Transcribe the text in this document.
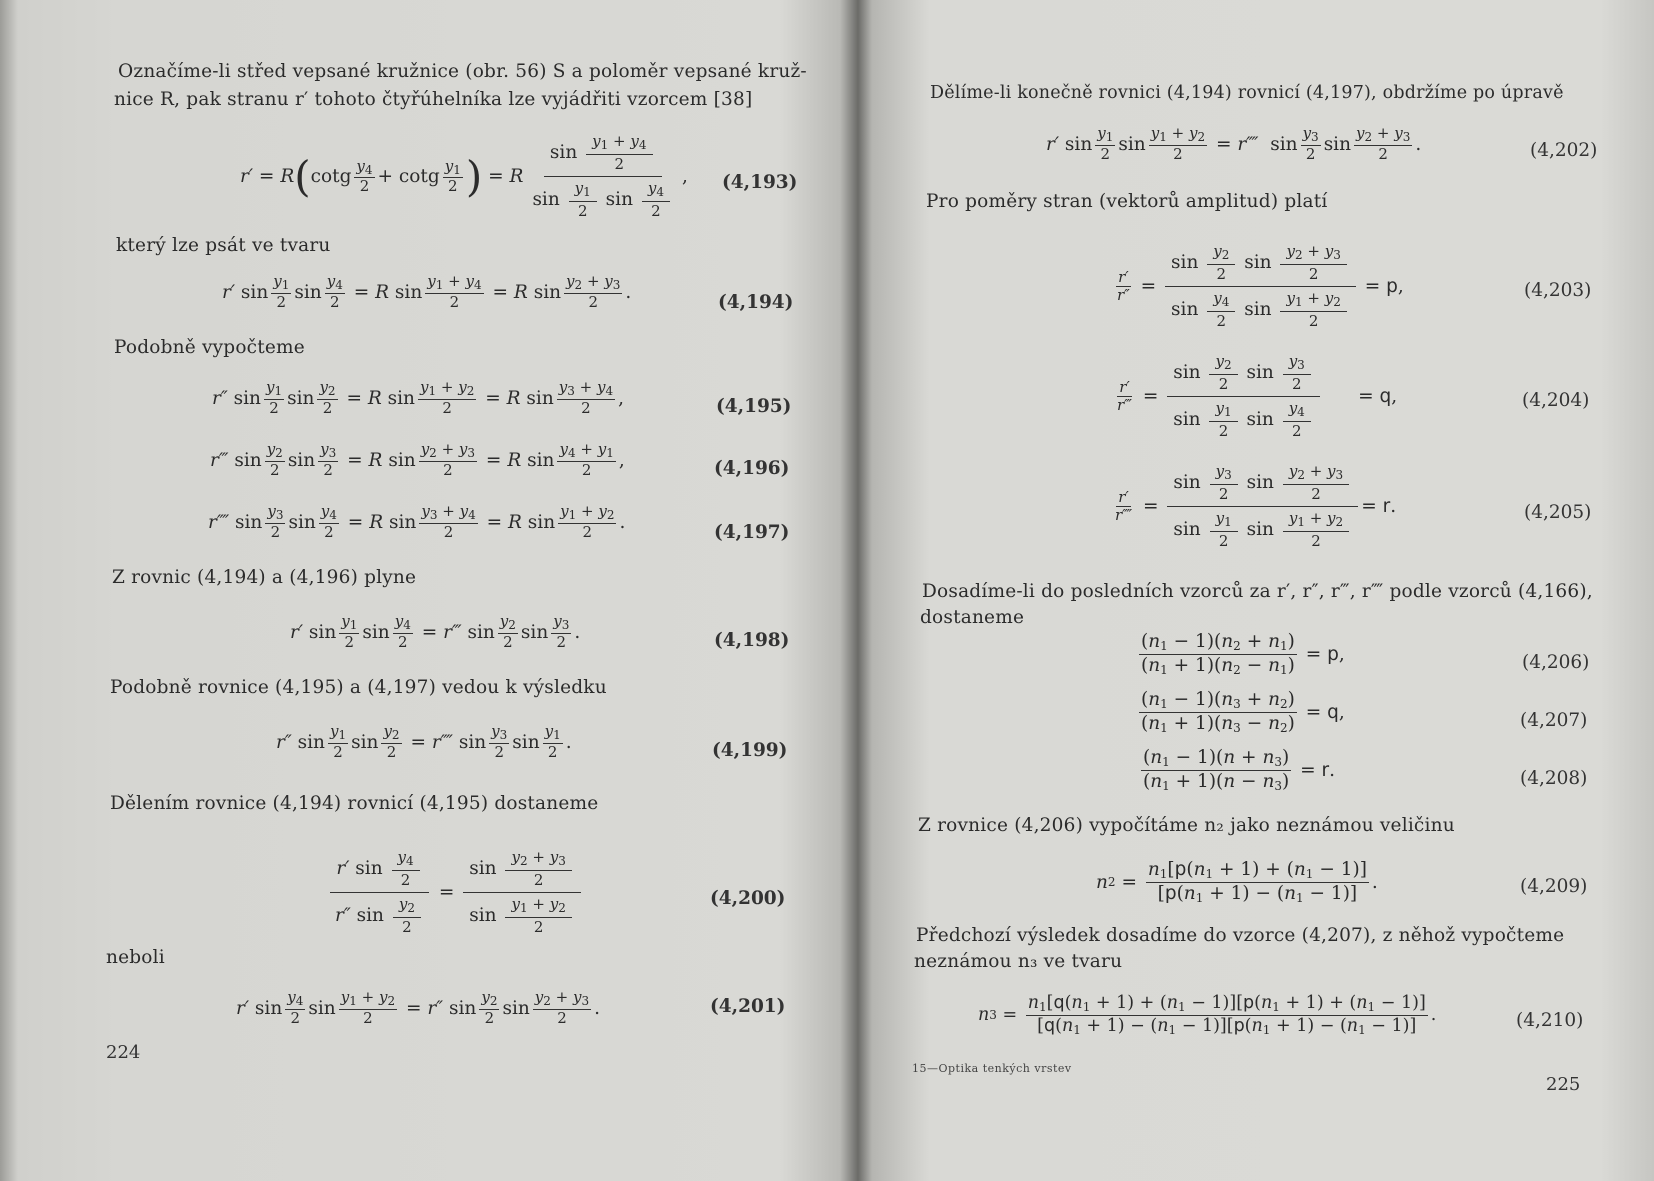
Označíme-li střed vepsané kružnice (obr. 56) S a poloměr vepsané kruž-
nice R, pak stranu r′ tohoto čtyřúhelníka lze vyjádřiti vzorcem [38]
r′ = R ( cotg $\frac{y_4}{2} + \cot g \frac{y_1}{2}$ ) = R $\frac{\sin \frac{y_1 + y_4}{2}}{\sin \frac{y_1}{2} \sin \frac{y_4}{2}}$ , (4,193)
který lze psát ve tvaru
r′ $\sin \frac{y_1}{2}$ $\sin \frac{y_4}{2} = R$ $\sin \frac{y_1 + y_4}{2} = R$ $\sin \frac{y_2 + y_3}{2}$ .	(4,194)
Podobně vypočteme
r″ $\sin \frac{y_1}{2}$ $\sin \frac{y_2}{2} = R$ $\sin \frac{y_1 + y_2}{2} = R$ $\sin \frac{y_3 + y_4}{2}$ ,	(4,195)
r‴ $\sin \frac{y_2}{2}$ $\sin \frac{y_3}{2} = R$ $\sin \frac{y_2 + y_3}{2} = R$ $\sin \frac{y_4 + y_1}{2}$ ,	(4,196)
r⁗ $\sin \frac{y_3}{2}$ $\sin \frac{y_4}{2} = R$ $\sin \frac{y_3 + y_4}{2} = R$ $\sin \frac{y_1 + y_2}{2}$ .	(4,197)
Z rovnic (4,194) a (4,196) plyne
r′ $\sin \frac{y_1}{2}$ $\sin \frac{y_4}{2}$ = r‴ $\sin \frac{y_2}{2}$ $\sin \frac{y_3}{2}$ .	(4,198)
Podobně rovnice (4,195) a (4,197) vedou k výsledku
r″ $\sin \frac{y_1}{2}$ $\sin \frac{y_2}{2}$ = r⁗ $\sin \frac{y_3}{2}$ $\sin \frac{y_1}{2}$ .	(4,199)
Dělením rovnice (4,194) rovnicí (4,195) dostaneme
$\frac{r' \sin \frac{y_4}{2}}{r'' \sin \frac{y_2}{2}} = \frac{\sin \frac{y_2 + y_3}{2}}{\sin \frac{y_1 + y_2}{2}}$	(4,200)
neboli
r′ $\sin \frac{y_4}{2}$ $\sin \frac{y_1 + y_2}{2} = r''$ $\sin \frac{y_2}{2}$ $\sin \frac{y_2 + y_3}{2}$ .	(4,201)
224
Dělíme-li konečně rovnici (4,194) rovnicí (4,197), obdržíme po úpravě
r′ $\sin \frac{y_1}{2}$ $\sin \frac{y_1 + y_2}{2}$ = r⁗ $\sin \frac{y_3}{2}$ $\sin \frac{y_2 + y_3}{2}$ .	(4,202)
Pro poměry stran (vektorů amplitud) platí
$\frac{r'}{r''} = \frac{\sin \frac{y_2}{2} \sin \frac{y_2 + y_3}{2}}{\sin \frac{y_4}{2} \sin \frac{y_1 + y_2}{2}} = p$ ,	(4,203)
$\frac{r'}{r‴} = \frac{\sin \frac{y_2}{2} \sin \frac{y_3}{2}}{\sin \frac{y_1}{2} \sin \frac{y_4}{2}} = q$ ,	(4,204)
$\frac{r'}{r⁗} = \frac{\sin \frac{y_3}{2} \sin \frac{y_2 + y_3}{2}}{\sin \frac{y_1}{2} \sin \frac{y_1 + y_2}{2}} = r$ .	(4,205)
Dosadíme-li do posledních vzorců za r′, r″, r‴, r⁗ podle vzorců (4,166),
dostaneme
$\frac{(n1 - 1)(n2 + n1)}{(n1 + 1)(n2 - n1)} = p$ ,	(4,206)
$\frac{(n1 - 1)(n3 + n2)}{(n1 + 1)(n3 - n2)} = q$ ,	(4,207)
$\frac{(n1 - 1)(n + n3)}{(n1 + 1)(n - n3)} = r$ .	(4,208)
Z rovnice (4,206) vypočítáme n₂ jako neznámou veličinu
n $2 = \frac{n1[p(n1 + 1) + (n1 - 1)]}{[p(n1 + 1) - (n1 - 1)]}$ .	(4,209)
Předchozí výsledek dosadíme do vzorce (4,207), z něhož vypočteme
neznámou n₃ ve tvaru
n $3 = \frac{n1[q(n1 + 1) + (n1 - 1)][p(n1 + 1) + (n1 - 1)]}{[q(n1 + 1) - (n1 - 1)][p(n1 + 1) - (n1 - 1)]}$ .	(4,210)
15—Optika tenkých vrstev
225
